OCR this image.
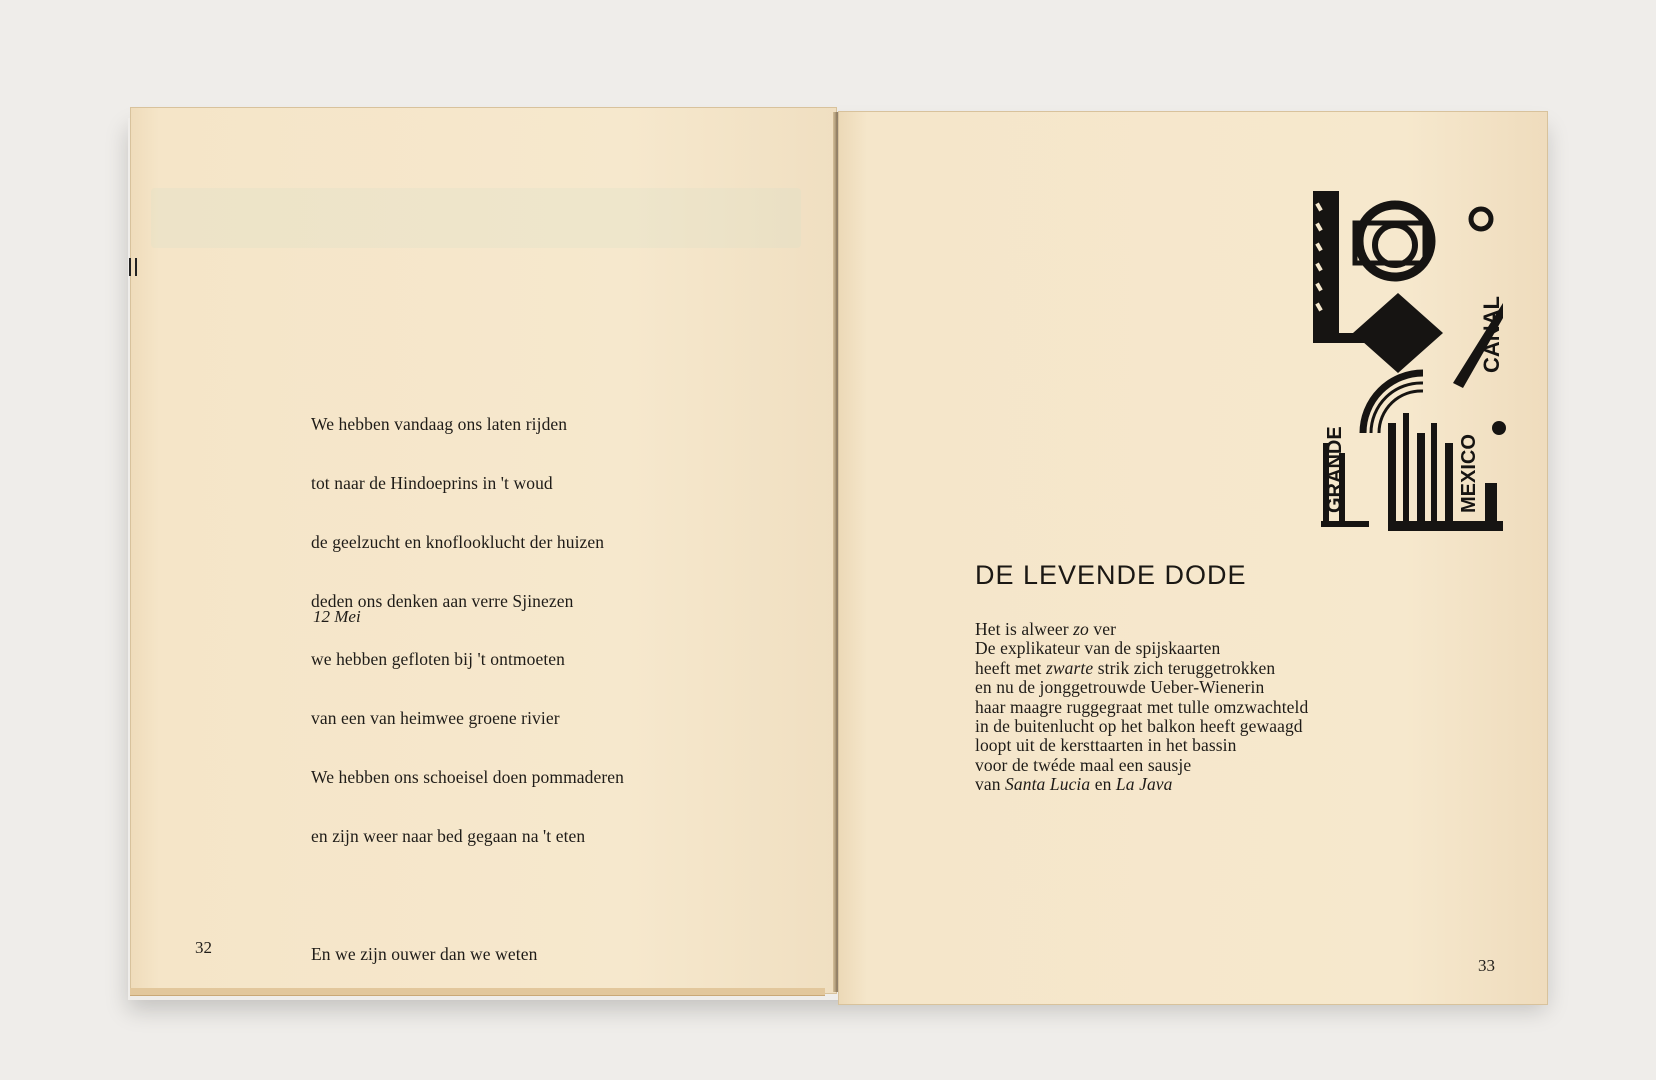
We hebben vandaag ons laten rijden

tot naar de Hindoeprins in 't woud

de geelzucht en knoflooklucht der huizen

deden ons denken aan verre Sjinezen

we hebben gefloten bij 't ontmoeten

van een van heimwee groene rivier

We hebben ons schoeisel doen pommaderen

en zijn weer naar bed gegaan na 't eten

En we zijn ouwer dan we weten

12 Mei
32
CANAL
GRANDE	MEXICO
DE LEVENDE DODE
Het is alweer zo ver
De explikateur van de spijskaarten
heeft met zwarte strik zich teruggetrokken
en nu de jonggetrouwde Ueber-Wienerin
haar maagre ruggegraat met tulle omzwachteld
in de buitenlucht op het balkon heeft gewaagd
loopt uit de kersttaarten in het bassin
voor de twéde maal een sausje
van Santa Lucia en La Java
33
